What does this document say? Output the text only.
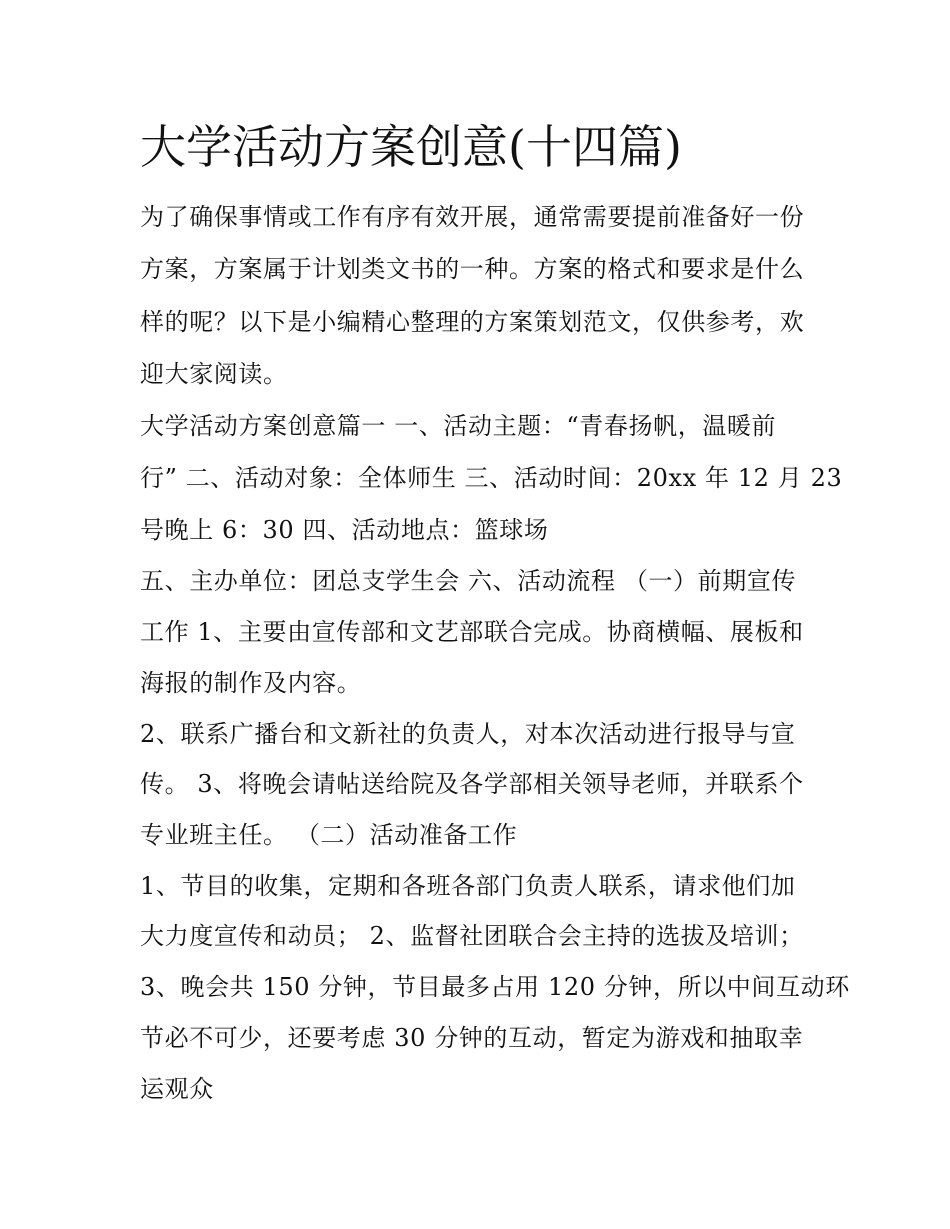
大学活动方案创意(十四篇)

为了确保事情或工作有序有效开展，通常需要提前准备好一份

方案，方案属于计划类文书的一种。方案的格式和要求是什么

样的呢？以下是小编精心整理的方案策划范文，仅供参考，欢

迎大家阅读。

大学活动方案创意篇一 一、活动主题：“青春扬帆，温暖前

行” 二、活动对象：全体师生 三、活动时间：20xx 年 12 月 23

号晚上 6：30 四、活动地点：篮球场

五、主办单位：团总支学生会 六、活动流程 （一）前期宣传

工作 1、主要由宣传部和文艺部联合完成。协商横幅、展板和

海报的制作及内容。

2、联系广播台和文新社的负责人，对本次活动进行报导与宣

传。 3、将晚会请帖送给院及各学部相关领导老师，并联系个

专业班主任。 （二）活动准备工作

1、节目的收集，定期和各班各部门负责人联系，请求他们加

大力度宣传和动员； 2、监督社团联合会主持的选拔及培训；

3、晚会共 150 分钟，节目最多占用 120 分钟，所以中间互动环

节必不可少，还要考虑 30 分钟的互动，暂定为游戏和抽取幸

运观众
